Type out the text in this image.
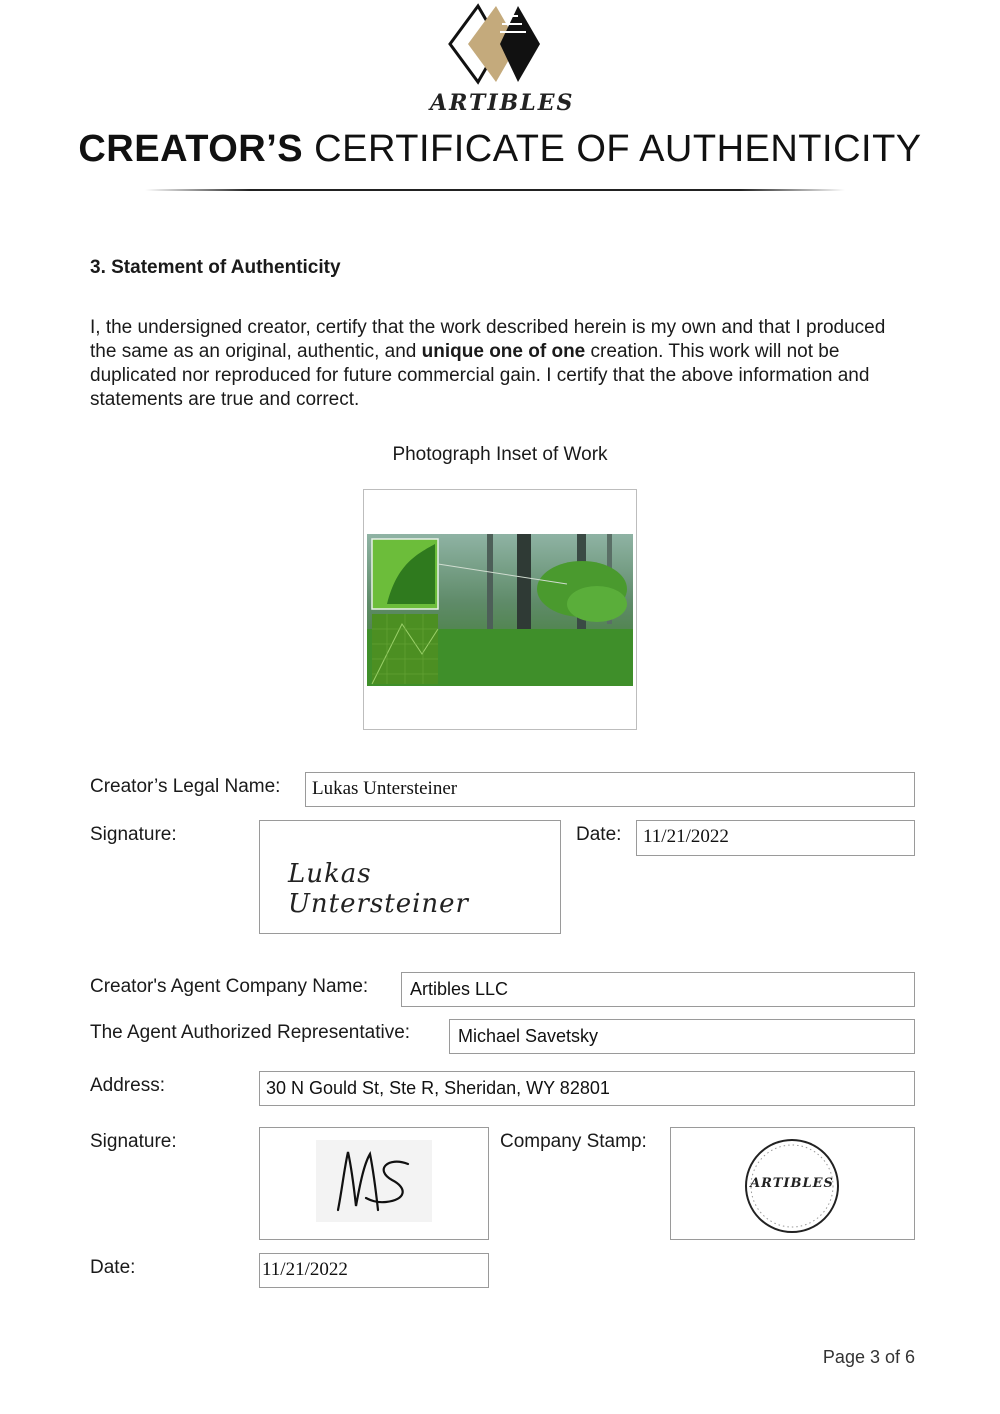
ARTIBLES
CREATOR’S CERTIFICATE OF AUTHENTICITY
3. Statement of Authenticity
I, the undersigned creator, certify that the work described herein is my own and that I produced the same as an original, authentic, and unique one of one creation. This work will not be duplicated nor reproduced for future commercial gain. I certify that the above information and statements are true and correct.
Photograph Inset of Work
Creator’s Legal Name:	Lukas Untersteiner
Signature:
Lukas Untersteiner
Date:	11/21/2022
Creator's Agent Company Name:	Artibles LLC
The Agent Authorized Representative:	Michael Savetsky
Address:	30 N Gould St, Ste R, Sheridan, WY 82801
Signature:	Company Stamp:
ARTIBLES
Date:	11/21/2022
Page 3 of 6
